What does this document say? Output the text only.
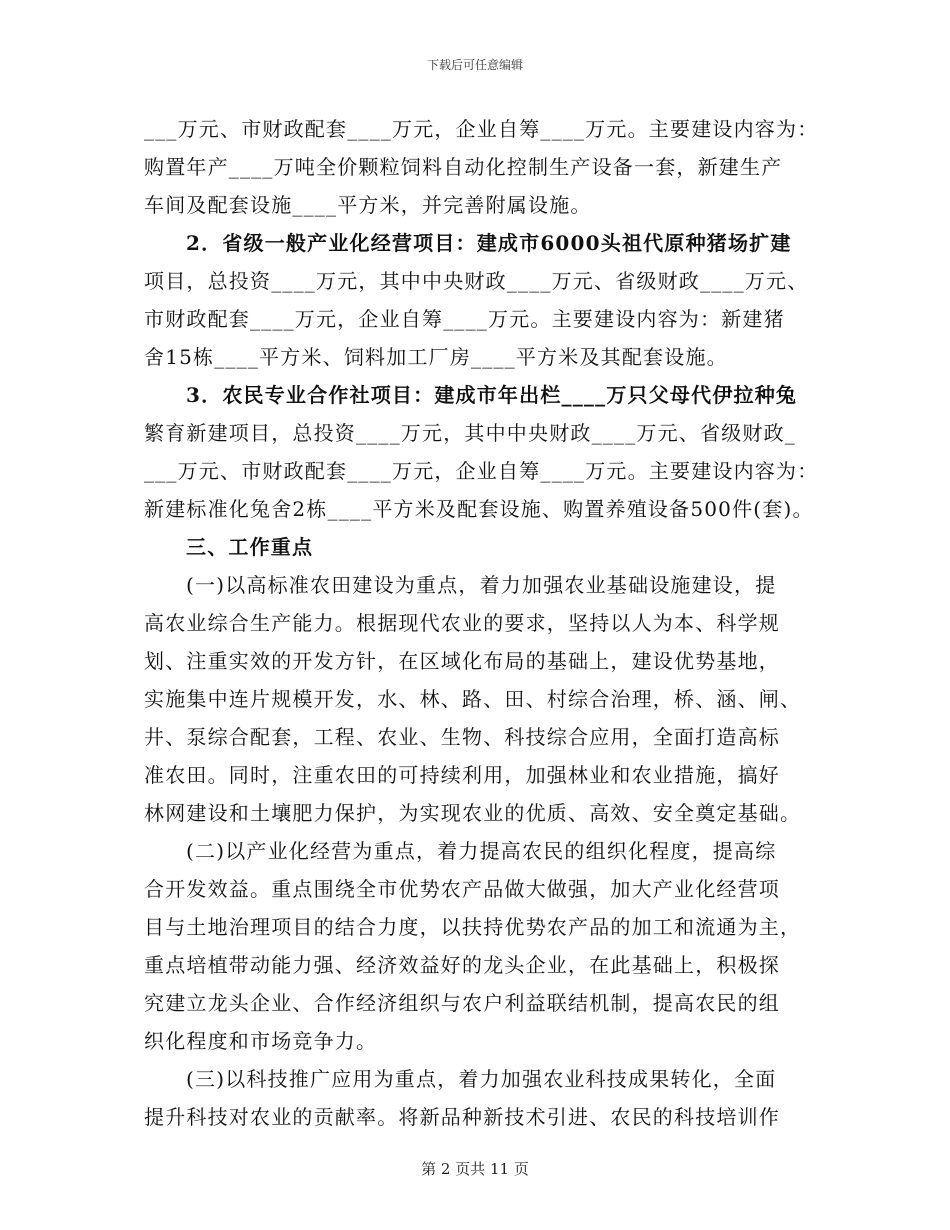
下载后可任意编辑
___万元、市财政配套____万元，企业自筹____万元。主要建设内容为：
购置年产____万吨全价颗粒饲料自动化控制生产设备一套，新建生产
车间及配套设施____平方米，并完善附属设施。
2．省级一般产业化经营项目：建成市6000头祖代原种猪场扩建
项目，总投资____万元，其中中央财政____万元、省级财政____万元、
市财政配套____万元，企业自筹____万元。主要建设内容为：新建猪
舍15栋____平方米、饲料加工厂房____平方米及其配套设施。
3．农民专业合作社项目：建成市年出栏____万只父母代伊拉种兔
繁育新建项目，总投资____万元，其中中央财政____万元、省级财政_
___万元、市财政配套____万元，企业自筹____万元。主要建设内容为：
新建标准化兔舍2栋____平方米及配套设施、购置养殖设备500件(套)。
三、工作重点
(一)以高标准农田建设为重点，着力加强农业基础设施建设，提
高农业综合生产能力。根据现代农业的要求，坚持以人为本、科学规
划、注重实效的开发方针，在区域化布局的基础上，建设优势基地，
实施集中连片规模开发，水、林、路、田、村综合治理，桥、涵、闸、
井、泵综合配套，工程、农业、生物、科技综合应用，全面打造高标
准农田。同时，注重农田的可持续利用，加强林业和农业措施，搞好
林网建设和土壤肥力保护，为实现农业的优质、高效、安全奠定基础。
(二)以产业化经营为重点，着力提高农民的组织化程度，提高综
合开发效益。重点围绕全市优势农产品做大做强，加大产业化经营项
目与土地治理项目的结合力度，以扶持优势农产品的加工和流通为主，
重点培植带动能力强、经济效益好的龙头企业，在此基础上，积极探
究建立龙头企业、合作经济组织与农户利益联结机制，提高农民的组
织化程度和市场竞争力。
(三)以科技推广应用为重点，着力加强农业科技成果转化，全面
提升科技对农业的贡献率。将新品种新技术引进、农民的科技培训作
第 2 页共 11 页
